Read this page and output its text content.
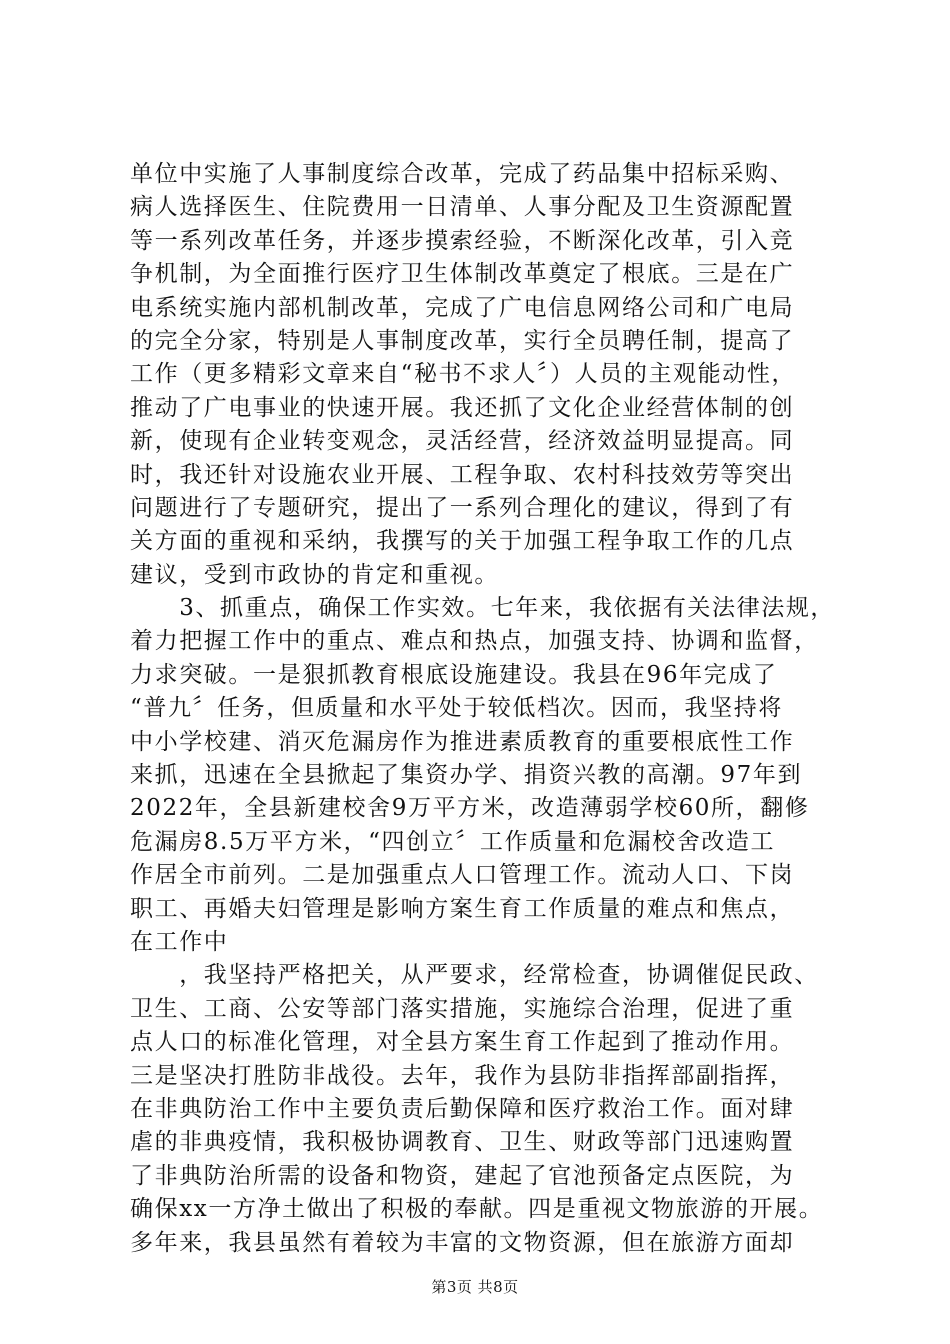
单位中实施了人事制度综合改革，完成了药品集中招标采购、
病人选择医生、住院费用一日清单、人事分配及卫生资源配置
等一系列改革任务，并逐步摸索经验，不断深化改革，引入竞
争机制，为全面推行医疗卫生体制改革奠定了根底。三是在广
电系统实施内部机制改革，完成了广电信息网络公司和广电局
的完全分家，特别是人事制度改革，实行全员聘任制，提高了
工作（更多精彩文章来自“秘书不求人〞）人员的主观能动性，
推动了广电事业的快速开展。我还抓了文化企业经营体制的创
新，使现有企业转变观念，灵活经营，经济效益明显提高。同
时，我还针对设施农业开展、工程争取、农村科技效劳等突出
问题进行了专题研究，提出了一系列合理化的建议，得到了有
关方面的重视和采纳，我撰写的关于加强工程争取工作的几点
建议，受到市政协的肯定和重视。
　　3、抓重点，确保工作实效。七年来，我依据有关法律法规，
着力把握工作中的重点、难点和热点，加强支持、协调和监督，
力求突破。一是狠抓教育根底设施建设。我县在96年完成了
“普九〞任务，但质量和水平处于较低档次。因而，我坚持将
中小学校建、消灭危漏房作为推进素质教育的重要根底性工作
来抓，迅速在全县掀起了集资办学、捐资兴教的高潮。97年到
2022年，全县新建校舍9万平方米，改造薄弱学校60所，翻修
危漏房8.5万平方米，“四创立〞工作质量和危漏校舍改造工
作居全市前列。二是加强重点人口管理工作。流动人口、下岗
职工、再婚夫妇管理是影响方案生育工作质量的难点和焦点，
在工作中
　　，我坚持严格把关，从严要求，经常检查，协调催促民政、
卫生、工商、公安等部门落实措施，实施综合治理，促进了重
点人口的标准化管理，对全县方案生育工作起到了推动作用。
三是坚决打胜防非战役。去年，我作为县防非指挥部副指挥，
在非典防治工作中主要负责后勤保障和医疗救治工作。面对肆
虐的非典疫情，我积极协调教育、卫生、财政等部门迅速购置
了非典防治所需的设备和物资，建起了官池预备定点医院，为
确保xx一方净土做出了积极的奉献。四是重视文物旅游的开展。
多年来，我县虽然有着较为丰富的文物资源，但在旅游方面却
第3页 共8页
